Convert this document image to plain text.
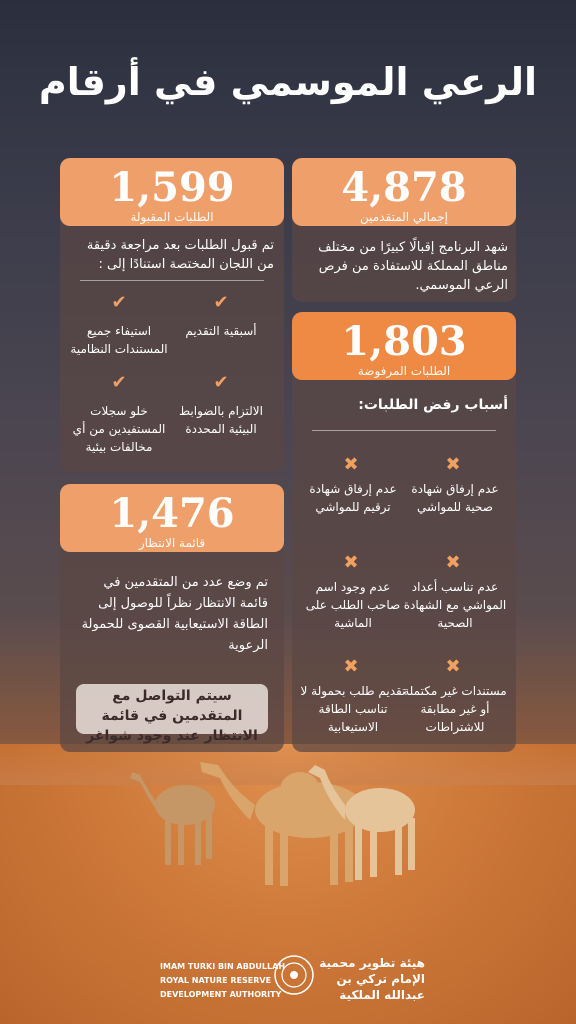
الرعي الموسمي في أرقام
4,878
إجمالي المتقدمين
شهد البرنامج إقبالًا كبيرًا من مختلف مناطق المملكة للاستفادة من فرص الرعي الموسمي.
1,803
الطلبات المرفوضة
أسباب رفض الطلبات:
✖
✖
عدم إرفاق شهادة صحية للمواشي
عدم إرفاق شهادة ترقيم للمواشي
✖
✖
عدم تناسب أعداد المواشي مع الشهادة الصحية
عدم وجود اسم صاحب الطلب على الماشية
✖
✖
مستندات غير مكتملة أو غير مطابقة للاشتراطات
تقديم طلب بحمولة لا تناسب الطاقة الاستيعابية
1,599
الطلبات المقبولة
تم قبول الطلبات بعد مراجعة دقيقة من اللجان المختصة استنادًا إلى :
✔
✔
أسبقية التقديم
استيفاء جميع المستندات النظامية
✔
✔
الالتزام بالضوابط البيئية المحددة
خلو سجلات المستفيدين من أي مخالفات بيئية
1,476
قائمة الانتظار
تم وضع عدد من المتقدمين في قائمة الانتظار نظراً للوصول إلى الطاقة الاستيعابية القصوى للحمولة الرعوية
سيتم التواصل مع المتقدمين في قائمة الانتظار عند وجود شواغر
IMAM TURKI BIN ABDULLAH
ROYAL NATURE RESERVE
DEVELOPMENT AUTHORITY
هيئة تطوير محمية
الإمام تركي بن
عبدالله الملكية
